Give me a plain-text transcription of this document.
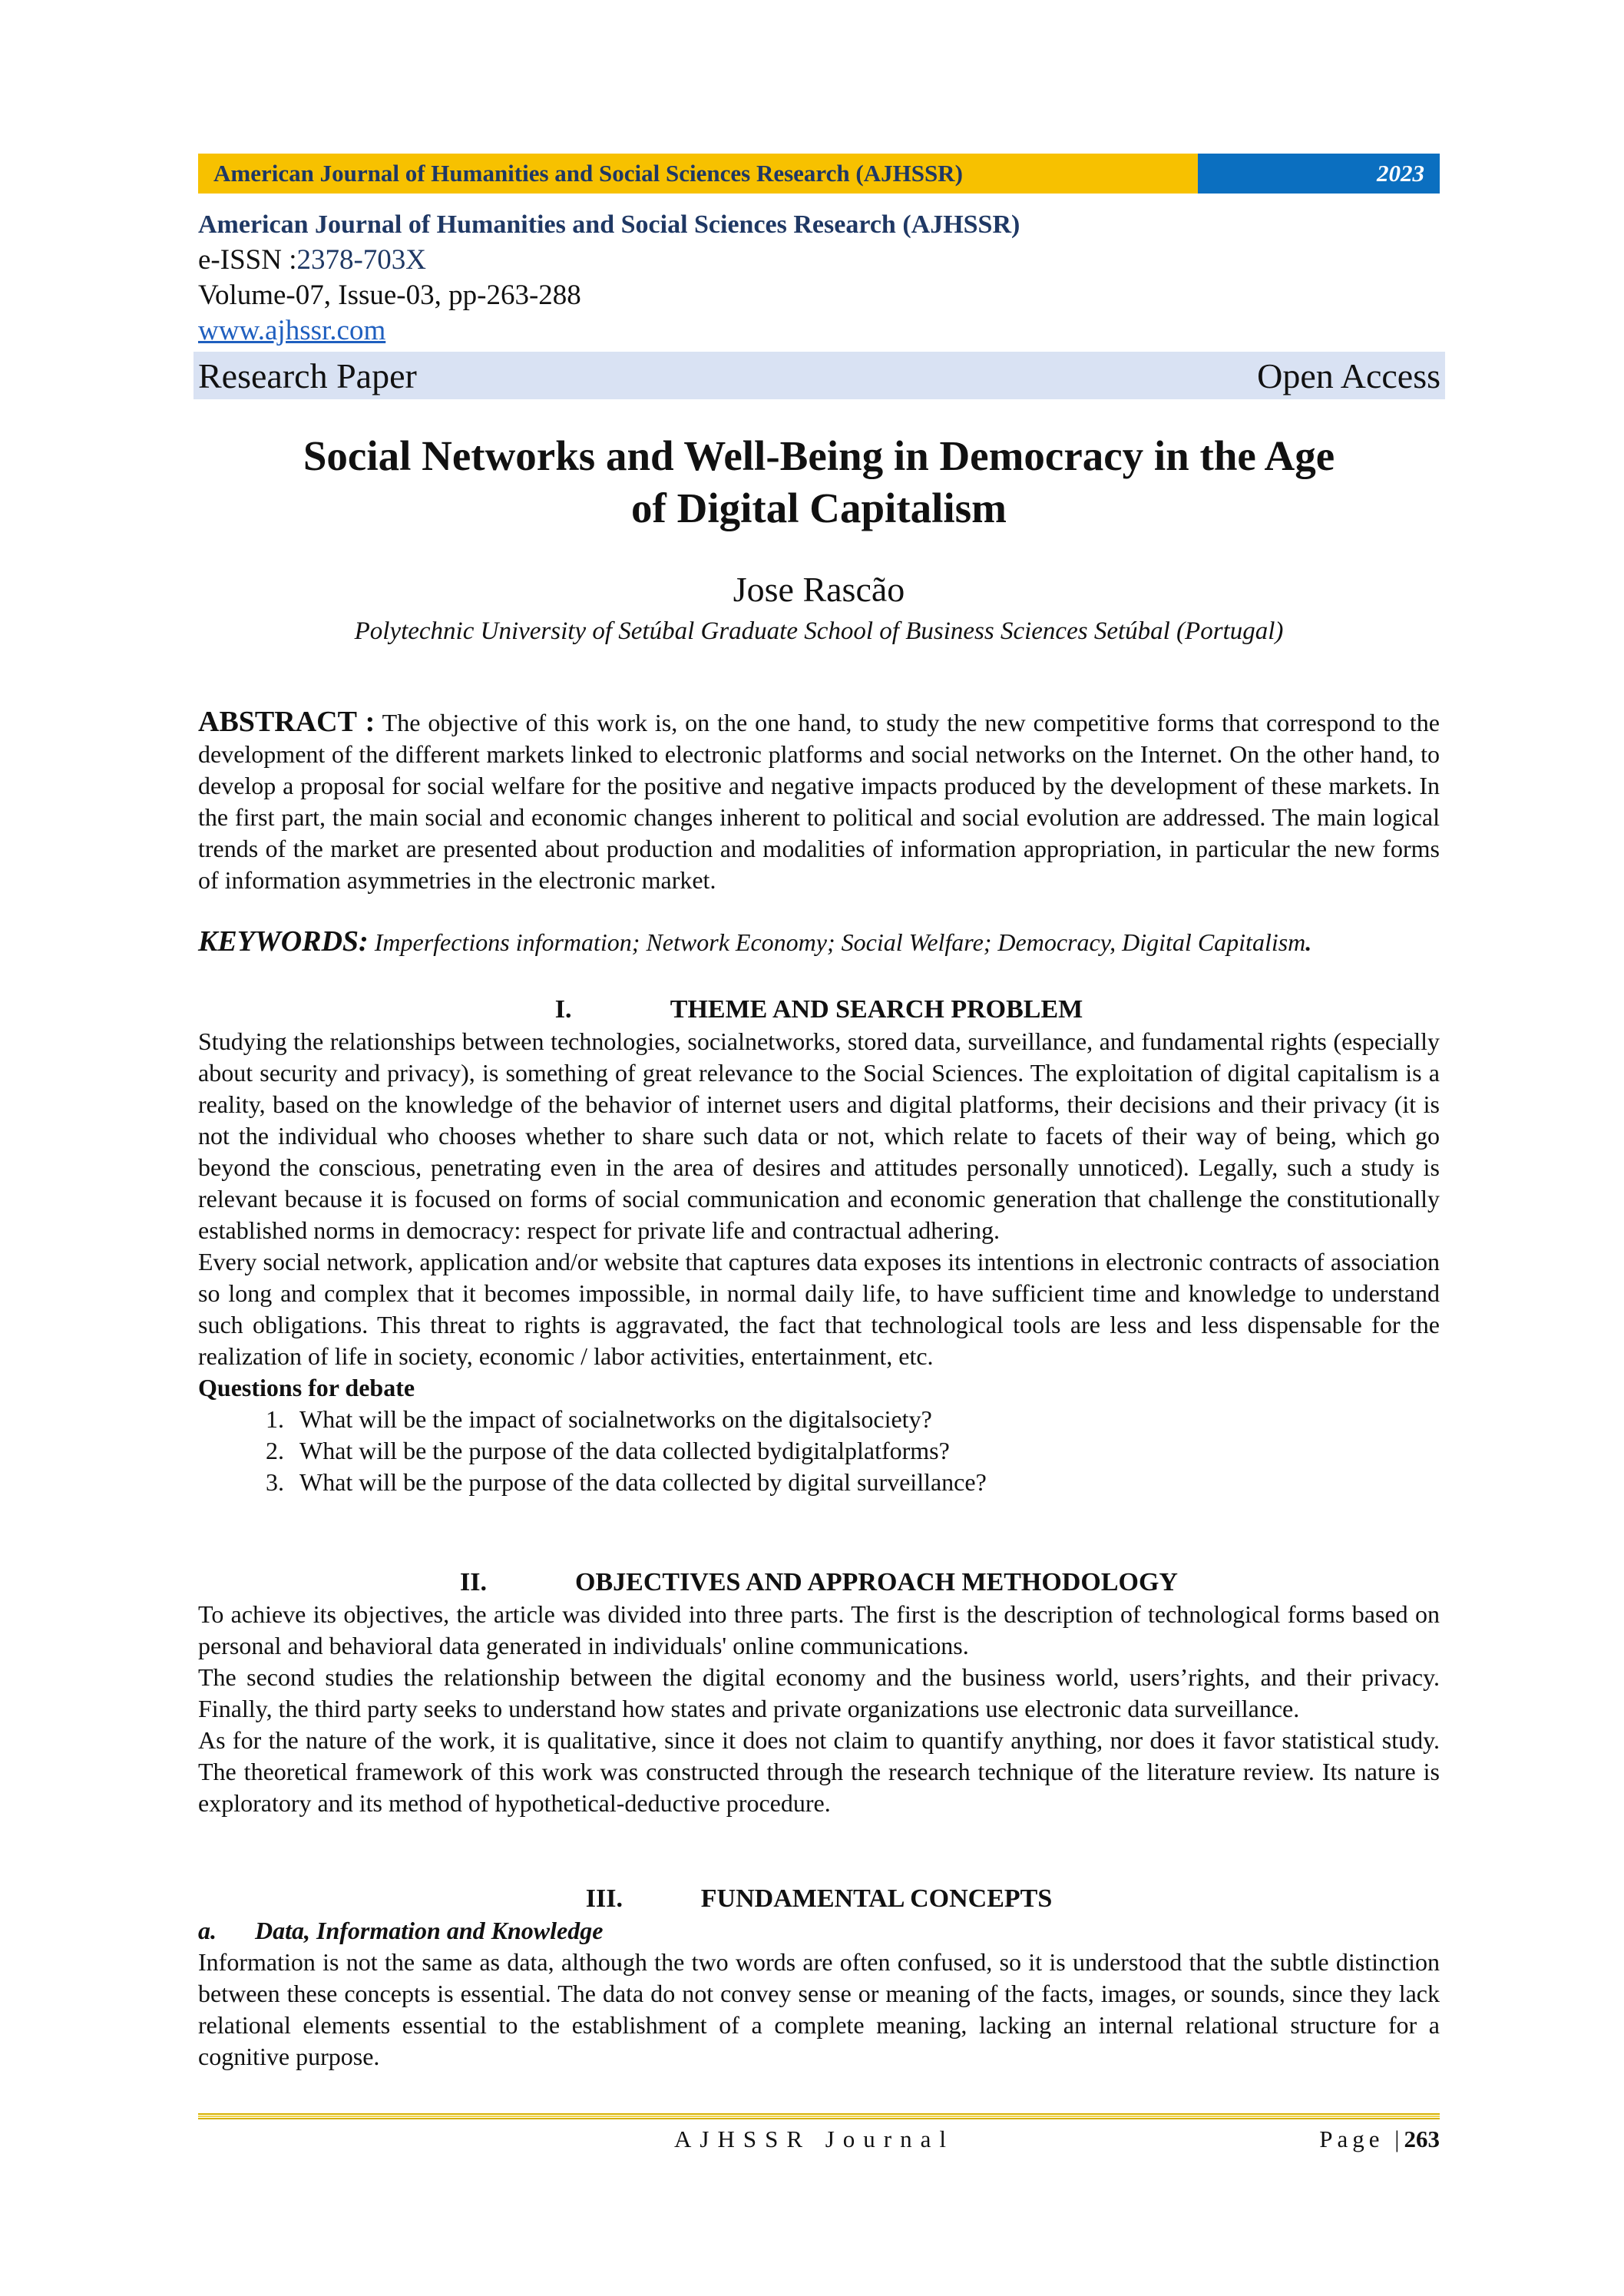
American Journal of Humanities and Social Sciences Research (AJHSSR)	2023
American Journal of Humanities and Social Sciences Research (AJHSSR)
e-ISSN :2378-703X
Volume-07, Issue-03, pp-263-288
www.ajhssr.com
Research Paper	Open Access
Social Networks and Well-Being in Democracy in the Age
of Digital Capitalism
Jose Rascão
Polytechnic University of Setúbal Graduate School of Business Sciences Setúbal (Portugal)
ABSTRACT : The objective of this work is, on the one hand, to study the new competitive forms that correspond to the development of the different markets linked to electronic platforms and social networks on the Internet. On the other hand, to develop a proposal for social welfare for the positive and negative impacts produced by the development of these markets. In the first part, the main social and economic changes inherent to political and social evolution are addressed. The main logical trends of the market are presented about production and modalities of information appropriation, in particular the new forms of information asymmetries in the electronic market.
KEYWORDS: Imperfections information; Network Economy; Social Welfare; Democracy, Digital Capitalism.
I.	THEME AND SEARCH PROBLEM

Studying the relationships between technologies, socialnetworks, stored data, surveillance, and fundamental rights (especially about security and privacy), is something of great relevance to the Social Sciences. The exploitation of digital capitalism is a reality, based on the knowledge of the behavior of internet users and digital platforms, their decisions and their privacy (it is not the individual who chooses whether to share such data or not, which relate to facets of their way of being, which go beyond the conscious, penetrating even in the area of desires and attitudes personally unnoticed). Legally, such a study is relevant because it is focused on forms of social communication and economic generation that challenge the constitutionally established norms in democracy: respect for private life and contractual adhering.

Every social network, application and/or website that captures data exposes its intentions in electronic contracts of association so long and complex that it becomes impossible, in normal daily life, to have sufficient time and knowledge to understand such obligations. This threat to rights is aggravated, the fact that technological tools are less and less dispensable for the realization of life in society, economic / labor activities, entertainment, etc.

Questions for debate
1. What will be the impact of socialnetworks on the digitalsociety?
2. What will be the purpose of the data collected bydigitalplatforms?
3. What will be the purpose of the data collected by digital surveillance?
II.	OBJECTIVES AND APPROACH METHODOLOGY

To achieve its objectives, the article was divided into three parts. The first is the description of technological forms based on personal and behavioral data generated in individuals' online communications.

The second studies the relationship between the digital economy and the business world, users’rights, and their privacy. Finally, the third party seeks to understand how states and private organizations use electronic data surveillance.

As for the nature of the work, it is qualitative, since it does not claim to quantify anything, nor does it favor statistical study. The theoretical framework of this work was constructed through the research technique of the literature review. Its nature is exploratory and its method of hypothetical-deductive procedure.

III.	FUNDAMENTAL CONCEPTS
a. Data, Information and Knowledge

Information is not the same as data, although the two words are often confused, so it is understood that the subtle distinction between these concepts is essential. The data do not convey sense or meaning of the facts, images, or sounds, since they lack relational elements essential to the establishment of a complete meaning, lacking an internal relational structure for a cognitive purpose.

AJHSSR Journal	Page |263
